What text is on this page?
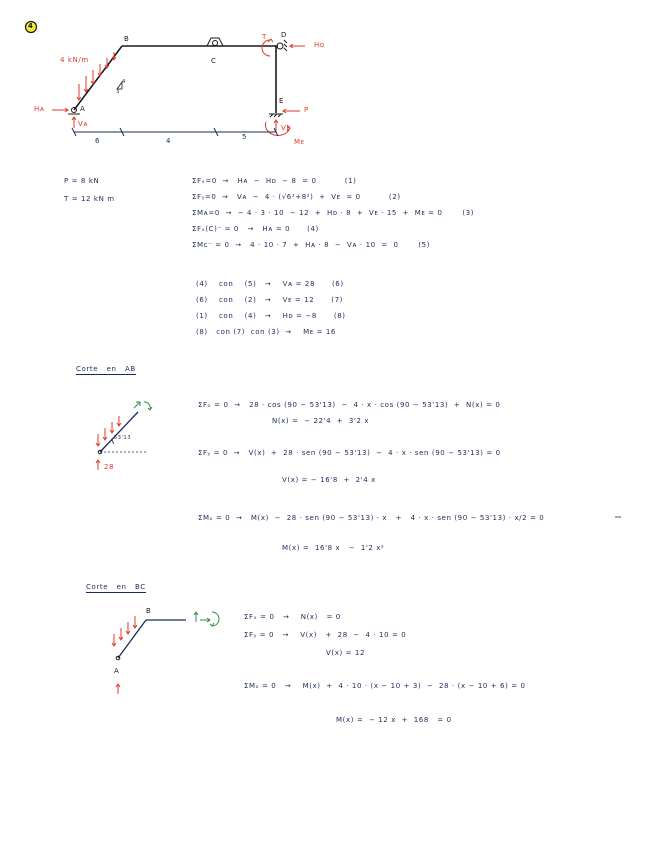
4
B
C
D
T
E
A
4 kN/m
4
3
Hᴀ
Vᴀ
Hᴅ
P
Vᴇ
Mᴇ
6	4	5
P = 8 kN
T = 12 kN m
ΣFₓ=0  →   Hᴀ  −  Hᴅ  − 8  = 0          (1)
ΣFᵧ=0  →   Vᴀ  −  4 · (√6²+8²)  +  Vᴇ  = 0          (2)
ΣMᴀ=0  →  − 4 · 3 · 10  − 12  +  Hᴅ · 8  +  Vᴇ · 15  +  Mᴇ = 0       (3)
ΣFₓ(C)⁻ = 0   →   Hᴀ = 0      (4)
ΣMᴄ⁻ = 0  →   4 · 10 · 7  +  Hᴀ · 8  −  Vᴀ · 10  =  0       (5)
(4)    con    (5)   →    Vᴀ = 28      (6)
(6)    con    (2)   →    Vᴇ = 12      (7)
(1)    con    (4)   →    Hᴅ = −8      (8)
(8)   con (7)  con (3)  →    Mᴇ = 16
Corte   en   AB
53'13
28
ΣFₓ = 0  →   28 · cos (90 − 53'13)  −  4 · x · cos (90 − 53'13)  +  N(x) = 0
N(x) =  − 22'4  +  3'2 x
ΣFᵧ = 0  →   V(x)  +  28 · sen (90 − 53'13)  −  4 · x · sen (90 − 53'13) = 0
V(x) = − 16'8  +  2'4 x
ΣMₒ = 0  →   M(x)  −  28 · sen (90 − 53'13) · x   +   4 · x · sen (90 − 53'13) · x/2 = 0
M(x) =  16'8 x   −  1'2 x²
Corte   en   BC
B
A
ΣFₓ = 0   →    N(x)   = 0
ΣFᵧ = 0   →    V(x)   +  28  −  4 · 10 = 0
V(x) = 12
ΣMₒ = 0   →    M(x)  +  4 · 10 · (x − 10 + 3)  −  28 · (x − 10 + 6) = 0
M(x) =  − 12 x  +  168   = 0
